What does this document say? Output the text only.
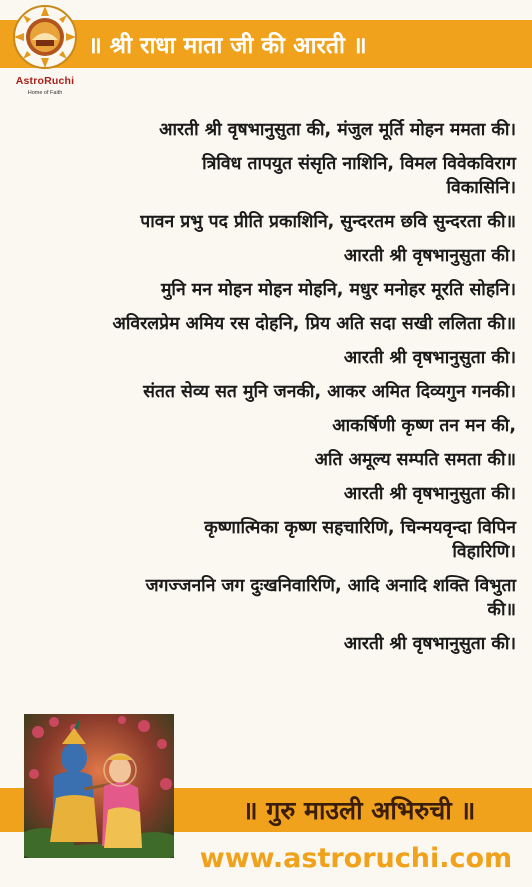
॥ श्री राधा माता जी की आरती ॥
AstroRuchi
Home of Faith
आरती श्री वृषभानुसुता की, मंजुल मूर्ति मोहन ममता की।
त्रिविध तापयुत संसृति नाशिनि, विमल विवेकविराग
विकासिनि।
पावन प्रभु पद प्रीति प्रकाशिनि, सुन्दरतम छवि सुन्दरता की॥
आरती श्री वृषभानुसुता की।
मुनि मन मोहन मोहन मोहनि, मधुर मनोहर मूरति सोहनि।
अविरलप्रेम अमिय रस दोहनि, प्रिय अति सदा सखी ललिता की॥
आरती श्री वृषभानुसुता की।
संतत सेव्य सत मुनि जनकी, आकर अमित दिव्यगुन गनकी।
आकर्षिणी कृष्ण तन मन की,
अति अमूल्य सम्पति समता की॥
आरती श्री वृषभानुसुता की।
कृष्णात्मिका कृष्ण सहचारिणि, चिन्मयवृन्दा विपिन
विहारिणि।
जगज्जननि जग दुःखनिवारिणि, आदि अनादि शक्ति विभुता
की॥
आरती श्री वृषभानुसुता की।
॥ गुरु माउली अभिरुची ॥
www.astroruchi.com
